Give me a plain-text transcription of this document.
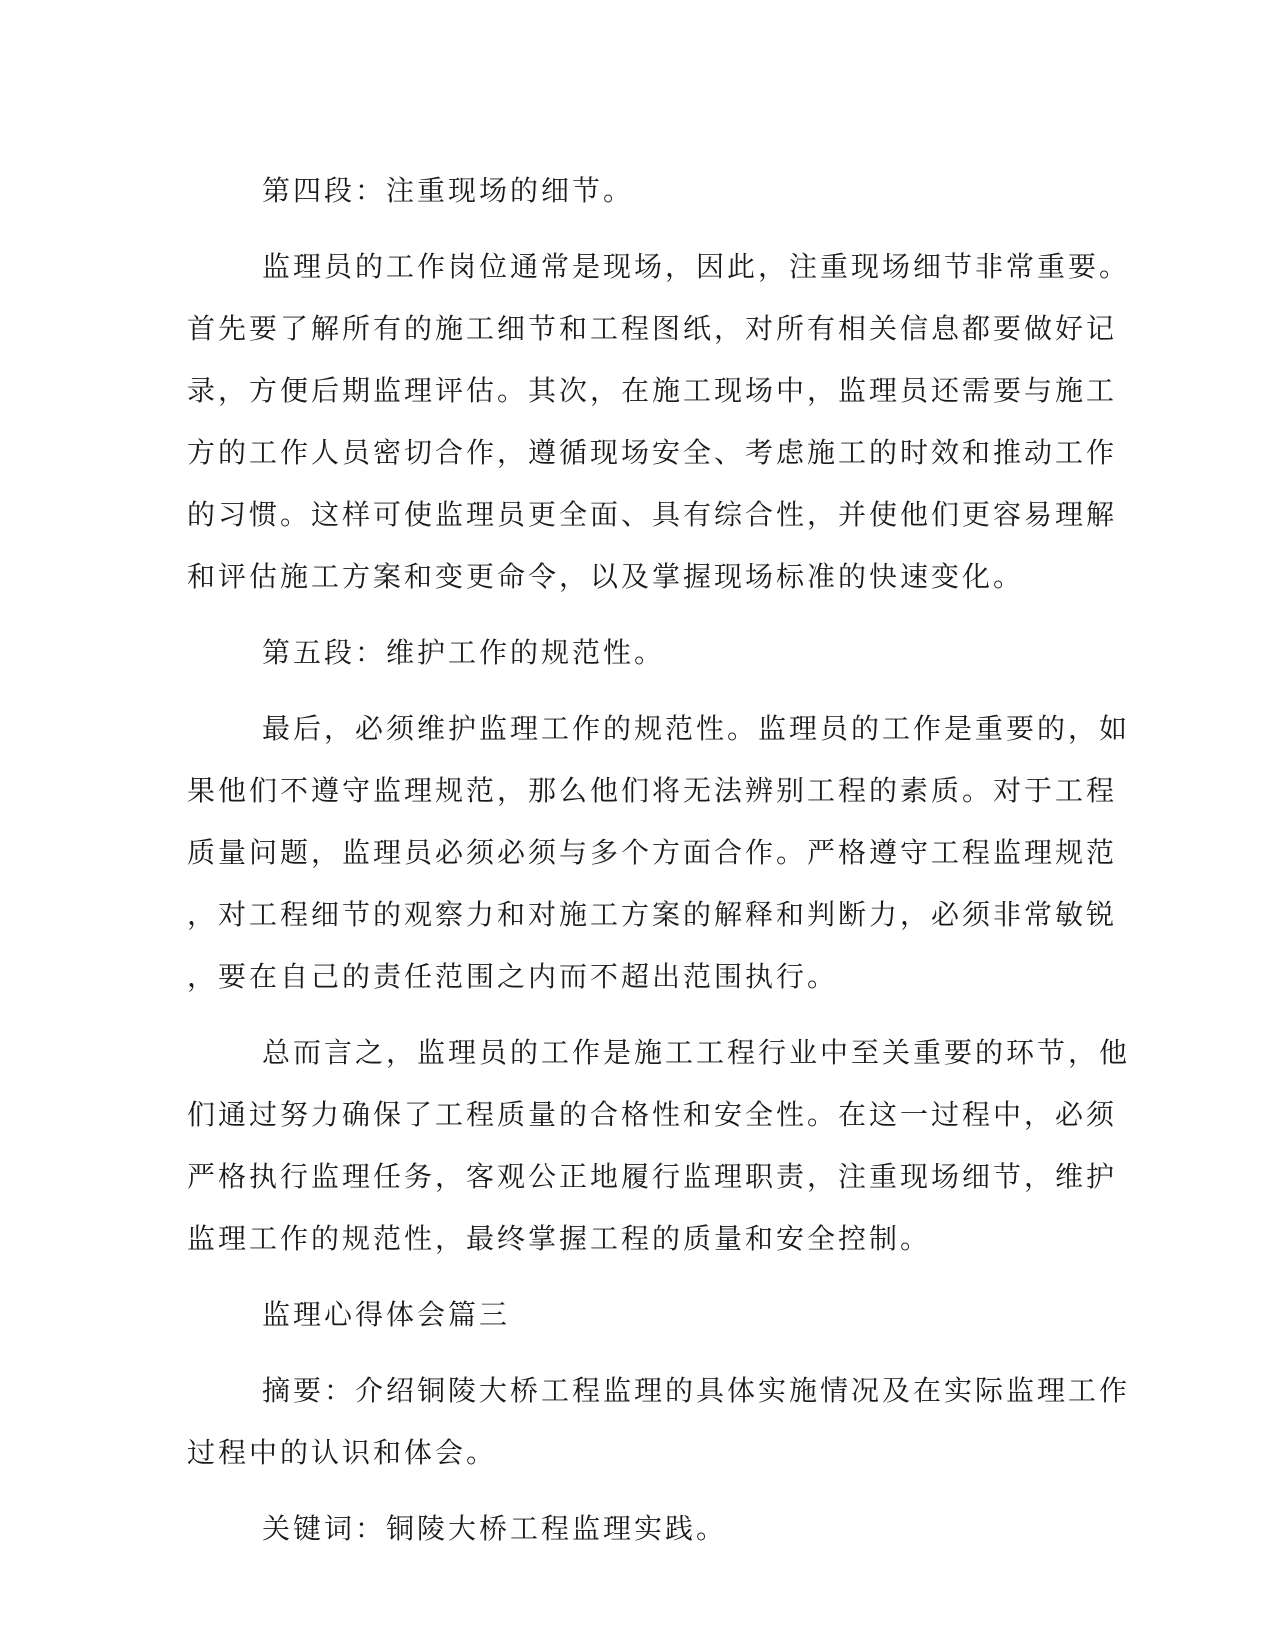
第四段：注重现场的细节。

监理员的工作岗位通常是现场，因此，注重现场细节非常重要。
首先要了解所有的施工细节和工程图纸，对所有相关信息都要做好记
录，方便后期监理评估。其次，在施工现场中，监理员还需要与施工
方的工作人员密切合作，遵循现场安全、考虑施工的时效和推动工作
的习惯。这样可使监理员更全面、具有综合性，并使他们更容易理解
和评估施工方案和变更命令，以及掌握现场标准的快速变化。

第五段：维护工作的规范性。

最后，必须维护监理工作的规范性。监理员的工作是重要的，如
果他们不遵守监理规范，那么他们将无法辨别工程的素质。对于工程
质量问题，监理员必须必须与多个方面合作。严格遵守工程监理规范
，对工程细节的观察力和对施工方案的解释和判断力，必须非常敏锐
，要在自己的责任范围之内而不超出范围执行。

总而言之，监理员的工作是施工工程行业中至关重要的环节，他
们通过努力确保了工程质量的合格性和安全性。在这一过程中，必须
严格执行监理任务，客观公正地履行监理职责，注重现场细节，维护
监理工作的规范性，最终掌握工程的质量和安全控制。

监理心得体会篇三

摘要：介绍铜陵大桥工程监理的具体实施情况及在实际监理工作
过程中的认识和体会。

关键词：铜陵大桥工程监理实践。
